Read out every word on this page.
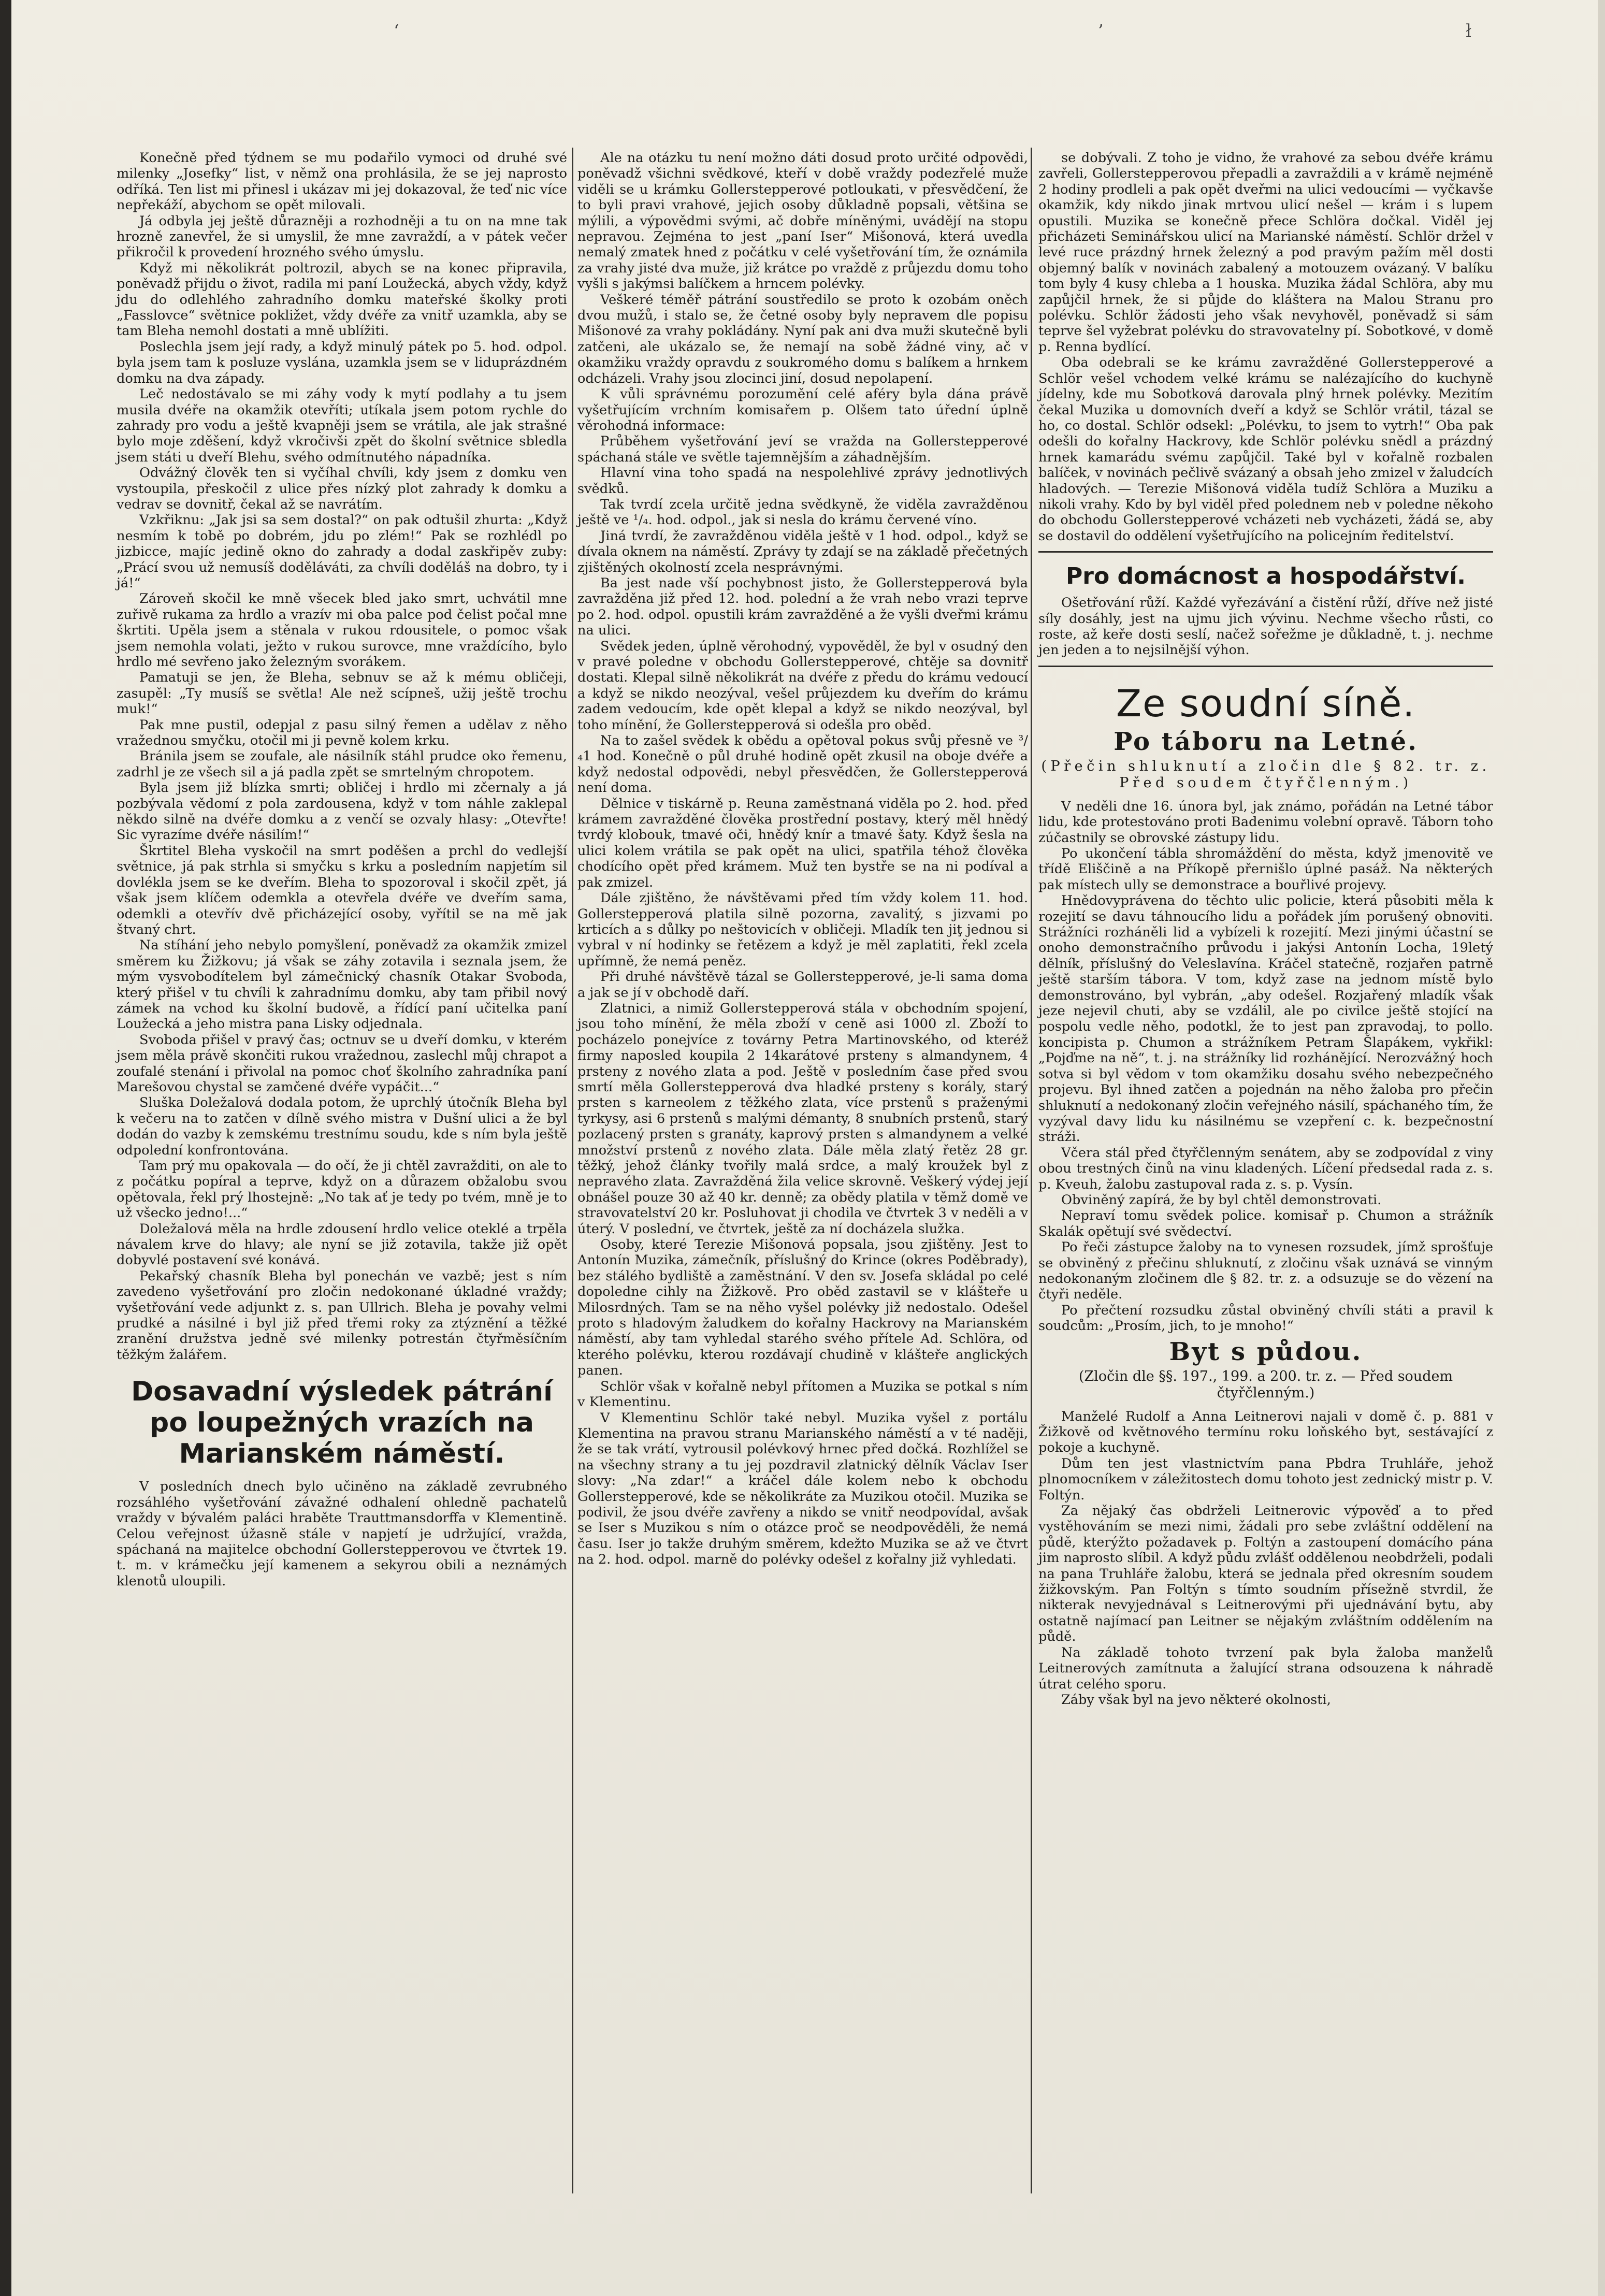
‘	’	ł

Konečně před týdnem se mu podařilo vymoci od druhé své milenky „Josefky“ list, v němž ona prohlásila, že se jej naprosto odříká. Ten list mi přinesl i ukázav mi jej dokazoval, že teď nic více nepřekáží, abychom se opět milovali.

Já odbyla jej ještě důrazněji a rozhodněji a tu on na mne tak hrozně zanevřel, že si umyslil, že mne zavraždí, a v pátek večer přikročil k provedení hrozného svého úmyslu.

Když mi několikrát poltrozil, abych se na konec připravila, poněvadž přijdu o život, radila mi paní Loužecká, abych vždy, když jdu do odlehlého zahradního domku mateřské školky proti „Fasslovce“ světnice pokližet, vždy dvéře za vnitř uzamkla, aby se tam Bleha nemohl dostati a mně ublížiti.

Poslechla jsem její rady, a když minulý pátek po 5. hod. odpol. byla jsem tam k posluze vyslána, uzamkla jsem se v liduprázdném domku na dva západy.

Leč nedostávalo se mi záhy vody k mytí podlahy a tu jsem musila dvéře na okamžik otevříti; utíkala jsem potom rychle do zahrady pro vodu a ještě kvapněji jsem se vrátila, ale jak strašné bylo moje zděšení, když vkročivši zpět do školní světnice sbledla jsem státi u dveří Blehu, svého odmítnutého nápadníka.

Odvážný člověk ten si vyčíhal chvíli, kdy jsem z domku ven vystoupila, přeskočil z ulice přes nízký plot zahrady k domku a vedrav se dovnitř, čekal až se navrátím.

Vzkřiknu: „Jak jsi sa sem dostal?“ on pak odtušil zhurta: „Když nesmím k tobě po dobrém, jdu po zlém!“ Pak se rozhlédl po jizbicce, majíc jedině okno do zahrady a dodal zaskřipěv zuby: „Prácí svou už nemusíš doděláváti, za chvíli doděláš na dobro, ty i já!“

Zároveň skočil ke mně všecek bled jako smrt, uchvátil mne zuřivě rukama za hrdlo a vrazív mi oba palce pod čelist počal mne škrtiti. Upěla jsem a stěnala v rukou rdousitele, o pomoc však jsem nemohla volati, ježto v rukou surovce, mne vraždícího, bylo hrdlo mé sevřeno jako železným svorákem.

Pamatuji se jen, že Bleha, sebnuv se až k mému obličeji, zasupěl: „Ty musíš se světla! Ale než scípneš, užij ještě trochu muk!“

Pak mne pustil, odepjal z pasu silný řemen a udělav z něho vražednou smyčku, otočil mi ji pevně kolem krku.

Bránila jsem se zoufale, ale násilník stáhl prudce oko řemenu, zadrhl je ze všech sil a já padla zpět se smrtelným chropotem.

Byla jsem již blízka smrti; obličej i hrdlo mi zčernaly a já pozbývala vědomí z pola zardousena, když v tom náhle zaklepal někdo silně na dvéře domku a z venčí se ozvaly hlasy: „Otevřte! Sic vyrazíme dvéře násilím!“

Škrtitel Bleha vyskočil na smrt poděšen a prchl do vedlejší světnice, já pak strhla si smyčku s krku a posledním napjetím sil dovlékla jsem se ke dveřím. Bleha to spozoroval i skočil zpět, já však jsem klíčem odemkla a otevřela dvéře ve dveřím sama, odemkli a otevřív dvě přicházející osoby, vyřítil se na mě jak štvaný chrt.

Na stíhání jeho nebylo pomyšlení, poněvadž za okamžik zmizel směrem ku Žižkovu; já však se záhy zotavila i seznala jsem, že mým vysvobodítelem byl zámečnický chasník Otakar Svoboda, který přišel v tu chvíli k zahradnímu domku, aby tam přibil nový zámek na vchod ku školní budově, a řídící paní učitelka paní Loužecká a jeho mistra pana Lisky odjednala.

Svoboda přišel v pravý čas; octnuv se u dveří domku, v kterém jsem měla právě skončiti rukou vražednou, zaslechl můj chrapot a zoufalé stenání i přivolal na pomoc choť školního zahradníka paní Marešovou chystal se zamčené dvéře vypáčit...“

Sluška Doležalová dodala potom, že uprchlý útočník Bleha byl k večeru na to zatčen v dílně svého mistra v Dušní ulici a že byl dodán do vazby k zemskému trestnímu soudu, kde s ním byla ještě odpolední konfrontována.

Tam prý mu opakovala — do očí, že ji chtěl zavražditi, on ale to z počátku popíral a teprve, když on a důrazem obžalobu svou opětovala, řekl prý lhostejně: „No tak ať je tedy po tvém, mně je to už všecko jedno!...“

Doležalová měla na hrdle zdousení hrdlo velice oteklé a trpěla návalem krve do hlavy; ale nyní se již zotavila, takže již opět dobyvlé postavení své konává.

Pekařský chasník Bleha byl ponechán ve vazbě; jest s ním zavedeno vyšetřování pro zločin nedokonané úkladné vraždy; vyšetřování vede adjunkt z. s. pan Ullrich. Bleha je povahy velmi prudké a násilné i byl již před třemi roky za ztýznění a těžké zranění družstva jedně své milenky potrestán čtyřměsíčním těžkým žalářem.

Dosavadní výsledek pátrání po loupežných vrazích na Marianském náměstí.

V posledních dnech bylo učiněno na základě zevrubného rozsáhlého vyšetřování závažné odhalení ohledně pachatelů vraždy v bývalém paláci hraběte Trauttmansdorffa v Klementině. Celou veřejnost úžasně stále v napjetí je udržující, vražda, spáchaná na majitelce obchodní Gollerstepperovou ve čtvrtek 19. t. m. v krámečku její kamenem a sekyrou obili a neznámých klenotů uloupili.

Ale na otázku tu není možno dáti dosud proto určité odpovědi, poněvadž všichni svědkové, kteří v době vraždy podezřelé muže viděli se u krámku Gollerstepperové potloukati, v přesvědčení, že to byli pravi vrahové, jejich osoby důkladně popsali, většina se mýlili, a výpovědmi svými, ač dobře míněnými, uvádějí na stopu nepravou. Zejména to jest „paní Iser“ Mišonová, která uvedla nemalý zmatek hned z počátku v celé vyšetřování tím, že oznámila za vrahy jisté dva muže, již krátce po vraždě z průjezdu domu toho vyšli s jakýmsi balíčkem a hrncem polévky.

Veškeré téměř pátrání soustředilo se proto k ozobám oněch dvou mužů, i stalo se, že četné osoby byly nepravem dle popisu Mišonové za vrahy pokládány. Nyní pak ani dva muži skutečně byli zatčeni, ale ukázalo se, že nemají na sobě žádné viny, ač v okamžiku vraždy opravdu z soukromého domu s balíkem a hrnkem odcházeli. Vrahy jsou zlocinci jiní, dosud nepolapení.

K vůli správnému porozumění celé aféry byla dána právě vyšetřujícím vrchním komisařem p. Olšem tato úřední úplně věrohodná informace:

Průběhem vyšetřování jeví se vražda na Gollerstepperové spáchaná stále ve světle tajemnějším a záhadnějším.

Hlavní vina toho spadá na nespolehlivé zprávy jednotlivých svědků.

Tak tvrdí zcela určitě jedna svědkyně, že viděla zavražděnou ještě ve ¹/₄. hod. odpol., jak si nesla do krámu červené víno.

Jiná tvrdí, že zavražděnou viděla ještě v 1 hod. odpol., když se dívala oknem na náměstí. Zprávy ty zdají se na základě přečetných zjištěných okolností zcela nesprávnými.

Ba jest nade vší pochybnost jisto, že Gollerstepperová byla zavražděna již před 12. hod. polední a že vrah nebo vrazi teprve po 2. hod. odpol. opustili krám zavražděné a že vyšli dveřmi krámu na ulici.

Svědek jeden, úplně věrohodný, vypověděl, že byl v osudný den v pravé poledne v obchodu Gollerstepperové, chtěje sa dovnitř dostati. Klepal silně několikrát na dvéře z předu do krámu vedoucí a když se nikdo neozýval, vešel průjezdem ku dveřím do krámu zadem vedoucím, kde opět klepal a když se nikdo neozýval, byl toho mínění, že Gollerstepperová si odešla pro oběd.

Na to zašel svědek k obědu a opětoval pokus svůj přesně ve ³/₄1 hod. Konečně o půl druhé hodině opět zkusil na oboje dvéře a když nedostal odpovědi, nebyl přesvědčen, že Gollerstepperová není doma.

Dělnice v tiskárně p. Reuna zaměstnaná viděla po 2. hod. před krámem zavražděné člověka prostřední postavy, který měl hnědý tvrdý klobouk, tmavé oči, hnědý knír a tmavé šaty. Když šesla na ulici kolem vrátila se pak opět na ulici, spatřila téhož člověka chodícího opět před krámem. Muž ten bystře se na ni podíval a pak zmizel.

Dále zjištěno, že návštěvami před tím vždy kolem 11. hod. Gollerstepperová platila silně pozorna, zavalitý, s jizvami po krticích a s důlky po neštovicích v obličeji. Mladík ten jiţ jednou si vybral v ní hodinky se řetězem a když je měl zaplatiti, řekl zcela upřímně, že nemá peněz.

Při druhé návštěvě tázal se Gollerstepperové, je-li sama doma a jak se jí v obchodě daří.

Zlatnici, a nimiž Gollerstepperová stála v obchodním spojení, jsou toho mínění, že měla zboží v ceně asi 1000 zl. Zboží to pocházelo ponejvíce z továrny Petra Martinovského, od kteréž firmy naposled koupila 2 14karátové prsteny s almandynem, 4 prsteny z nového zlata a pod. Ještě v posledním čase před svou smrtí měla Gollerstepperová dva hladké prsteny s korály, starý prsten s karneolem z těžkého zlata, více prstenů s praženými tyrkysy, asi 6 prstenů s malými démanty, 8 snubních prstenů, starý pozlacený prsten s granáty, kaprový prsten s almandynem a velké množství prstenů z nového zlata. Dále měla zlatý řetěz 28 gr. těžký, jehož články tvořily malá srdce, a malý kroužek byl z nepravého zlata. Zavražděná žila velice skrovně. Veškerý výdej její obnášel pouze 30 až 40 kr. denně; za obědy platila v těmž domě ve stravovatelství 20 kr. Posluhovat ji chodila ve čtvrtek 3 v neděli a v úterý. V poslední, ve čtvrtek, ještě za ní docházela služka.

Osoby, které Terezie Mišonová popsala, jsou zjištěny. Jest to Antonín Muzika, zámečník, příslušný do Krince (okres Poděbrady), bez stálého bydliště a zaměstnání. V den sv. Josefa skládal po celé dopoledne cihly na Žižkově. Pro oběd zastavil se v klášteře u Milosrdných. Tam se na něho vyšel polévky již nedostalo. Odešel proto s hladovým žaludkem do kořalny Hackrovy na Marianském náměstí, aby tam vyhledal starého svého přítele Ad. Schlöra, od kterého polévku, kterou rozdávají chudině v klášteře anglických panen.

Schlör však v kořalně nebyl přítomen a Muzika se potkal s ním v Klementinu.

V Klementinu Schlör také nebyl. Muzika vyšel z portálu Klementina na pravou stranu Marianského náměstí a v té naději, že se tak vrátí, vytrousil polévkový hrnec před dočká. Rozhlížel se na všechny strany a tu jej pozdravil zlatnický dělník Václav Iser slovy: „Na zdar!“ a kráčel dále kolem nebo k obchodu Gollerstepperové, kde se několikráte za Muzikou otočil. Muzika se podivil, že jsou dvéře zavřeny a nikdo se vnitř neodpovídal, avšak se Iser s Muzikou s ním o otázce proč se neodpověděli, že nemá času. Iser jo takže druhým směrem, kdežto Muzika se až ve čtvrt na 2. hod. odpol. marně do polévky odešel z kořalny již vyhledati.

se dobývali. Z toho je vidno, že vrahové za sebou dvéře krámu zavřeli, Gollerstepperovou přepadli a zavraždili a v krámě nejméně 2 hodiny prodleli a pak opět dveřmi na ulici vedoucími — vyčkavše okamžik, kdy nikdo jinak mrtvou ulicí nešel — krám i s lupem opustili. Muzika se konečně přece Schlöra dočkal. Viděl jej přicházeti Seminářskou ulicí na Marianské náměstí. Schlör držel v levé ruce prázdný hrnek železný a pod pravým pažím měl dosti objemný balík v novinách zabalený a motouzem ovázaný. V balíku tom byly 4 kusy chleba a 1 houska. Muzika žádal Schlöra, aby mu zapůjčil hrnek, že si půjde do kláštera na Malou Stranu pro polévku. Schlör žádosti jeho však nevyhověl, poněvadž si sám teprve šel vyžebrat polévku do stravovatelny pí. Sobotkové, v domě p. Renna bydlící.

Oba odebrali se ke krámu zavražděné Gollerstepperové a Schlör vešel vchodem velké krámu se nalézajícího do kuchyně jídelny, kde mu Sobotková darovala plný hrnek polévky. Mezitím čekal Muzika u domovních dveří a když se Schlör vrátil, tázal se ho, co dostal. Schlör odsekl: „Polévku, to jsem to vytrh!“ Oba pak odešli do kořalny Hackrovy, kde Schlör polévku snědl a prázdný hrnek kamarádu svému zapůjčil. Také byl v kořalně rozbalen balíček, v novinách pečlivě svázaný a obsah jeho zmizel v žaludcích hladových. — Terezie Mišonová viděla tudíž Schlöra a Muziku a nikoli vrahy. Kdo by byl viděl před polednem neb v poledne někoho do obchodu Gollerstepperové vcházeti neb vycházeti, žádá se, aby se dostavil do oddělení vyšetřujícího na policejním ředitelství.

Pro domácnost a hospodářství.

Ošetřování růží. Každé vyřezávání a čistění růží, dříve než jisté síly dosáhly, jest na ujmu jich vývinu. Nechme všecho růsti, co roste, až keře dosti seslí, načež sořežme je důkladně, t. j. nechme jen jeden a to nejsilnější výhon.

Ze soudní síně.
Po táboru na Letné.
(Přečin shluknutí a zločin dle § 82. tr. z. Před soudem čtyřčlenným.)

V neděli dne 16. února byl, jak známo, pořádán na Letné tábor lidu, kde protestováno proti Badenimu volební opravě. Táborn toho zúčastnily se obrovské zástupy lidu.

Po ukončení tábla shromáždění do města, když jmenovitě ve třídě Eliščině a na Příkopě přernišlo úplné pasáž. Na některých pak místech ully se demonstrace a bouřlivé projevy.

Hnědovyprávena do těchto ulic policie, která působiti měla k rozejití se davu táhnoucího lidu a pořádek jím porušený obnoviti. Strážníci rozháněli lid a vybízeli k rozejití. Mezi jinými účastní se onoho demonstračního průvodu i jakýsi Antonín Locha, 19letý dělník, příslušný do Veleslavína. Kráčel statečně, rozjařen patrně ještě starším tábora. V tom, když zase na jednom místě bylo demonstrováno, byl vybrán, „aby odešel. Rozjařený mladík však jeze nejevil chuti, aby se vzdálil, ale po civilce ještě stojící na pospolu vedle něho, podotkl, že to jest pan zpravodaj, to pollo. koncipista p. Chumon a strážníkem Petram Šlapákem, vykřikl: „Pojďme na ně“, t. j. na strážníky lid rozhánějící. Nerozvážný hoch sotva si byl vědom v tom okamžiku dosahu svého nebezpečného projevu. Byl ihned zatčen a pojednán na něho žaloba pro přečin shluknutí a nedokonaný zločin veřejného násilí, spáchaného tím, že vyzýval davy lidu ku násilnému se vzepření c. k. bezpečnostní stráži.

Včera stál před čtyřčlenným senátem, aby se zodpovídal z viny obou trestných činů na vinu kladených. Líčení předsedal rada z. s. p. Kveuh, žalobu zastupoval rada z. s. p. Vysín.

Obviněný zapírá, že by byl chtěl demonstrovati.

Nepraví tomu svědek police. komisař p. Chumon a strážník Skalák opětují své svědectví.

Po řeči zástupce žaloby na to vynesen rozsudek, jímž sprošťuje se obviněný z přečinu shluknutí, z zločinu však uznává se vinným nedokonaným zločinem dle § 82. tr. z. a odsuzuje se do vězení na čtyři neděle.

Po přečtení rozsudku zůstal obviněný chvíli státi a pravil k soudcům: „Prosím, jich, to je mnoho!“

Byt s půdou.
(Zločin dle §§. 197., 199. a 200. tr. z. — Před soudem čtyřčlenným.)

Manželé Rudolf a Anna Leitnerovi najali v domě č. p. 881 v Žižkově od květnového termínu roku loňského byt, sestávající z pokoje a kuchyně.

Dům ten jest vlastnictvím pana Pbdra Truhláře, jehož plnomocníkem v záležitostech domu tohoto jest zednický mistr p. V. Foltýn.

Za nějaký čas obdrželi Leitnerovic výpověď a to před vystěhováním se mezi nimi, žádali pro sebe zvláštní oddělení na půdě, kterýžto požadavek p. Foltýn a zastoupení domácího pána jim naprosto slíbil. A když půdu zvlášť oddělenou neobdrželi, podali na pana Truhláře žalobu, která se jednala před okresním soudem žižkovským. Pan Foltýn s tímto soudním přísežně stvrdil, že nikterak nevyjednával s Leitnerovými při ujednávání bytu, aby ostatně najímací pan Leitner se nějakým zvláštním oddělením na půdě.

Na základě tohoto tvrzení pak byla žaloba manželů Leitnerových zamítnuta a žalující strana odsouzena k náhradě útrat celého sporu.

Záby však byl na jevo některé okolnosti,
